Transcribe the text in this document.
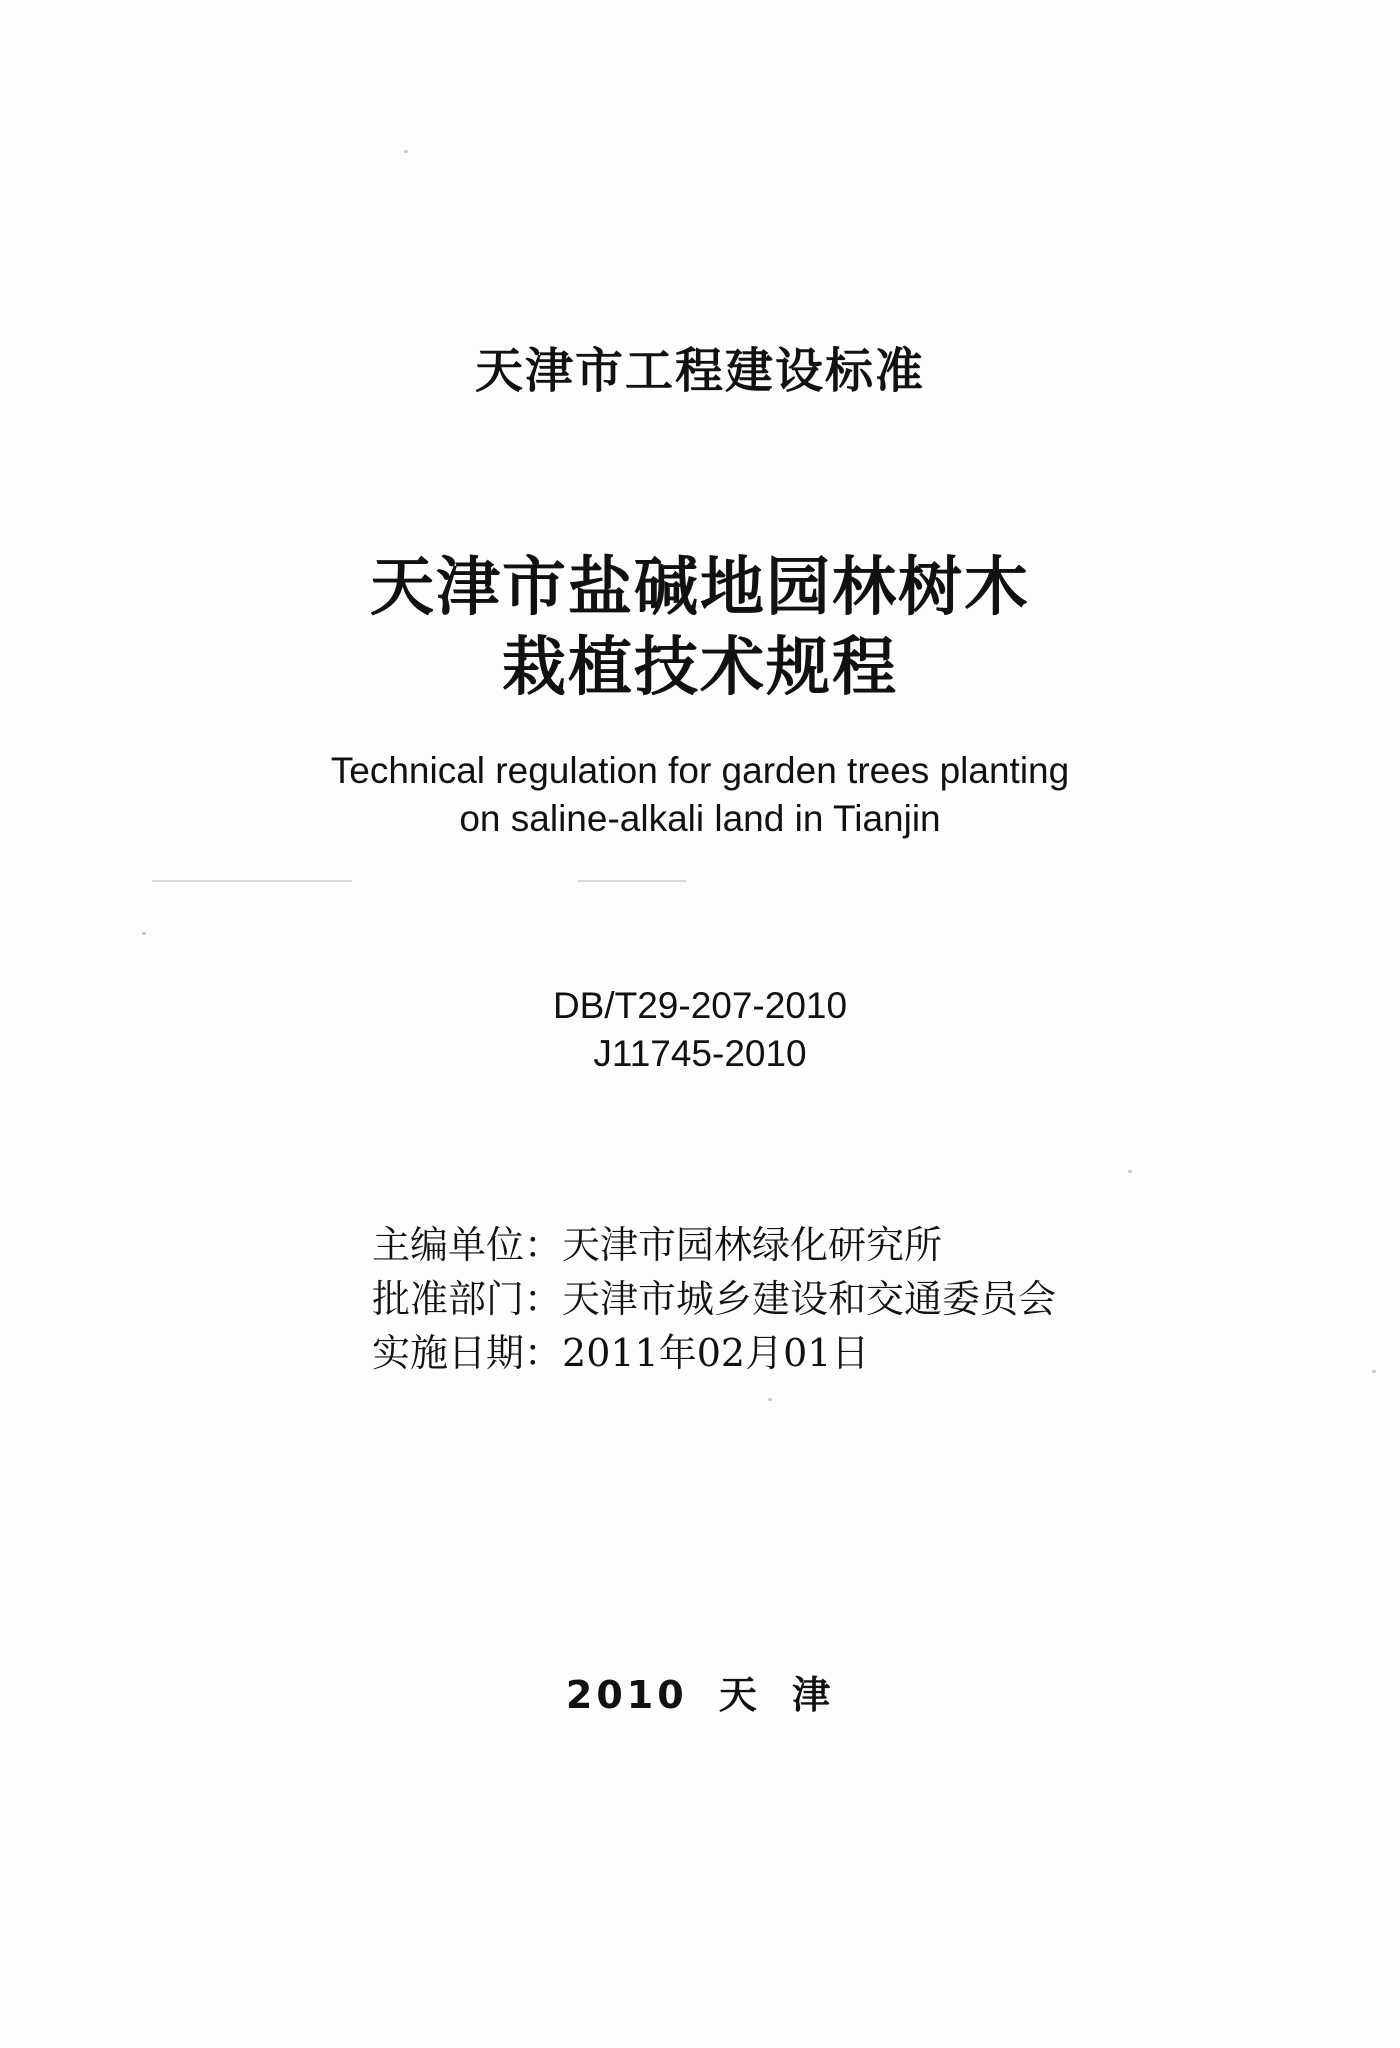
天津市工程建设标准
天津市盐碱地园林树木
栽植技术规程
Technical regulation for garden trees planting
on saline-alkali land in Tianjin
DB/T29-207-2010
J11745-2010
主编单位：天津市园林绿化研究所
批准部门：天津市城乡建设和交通委员会
实施日期：2011年02月01日
2010 天 津
